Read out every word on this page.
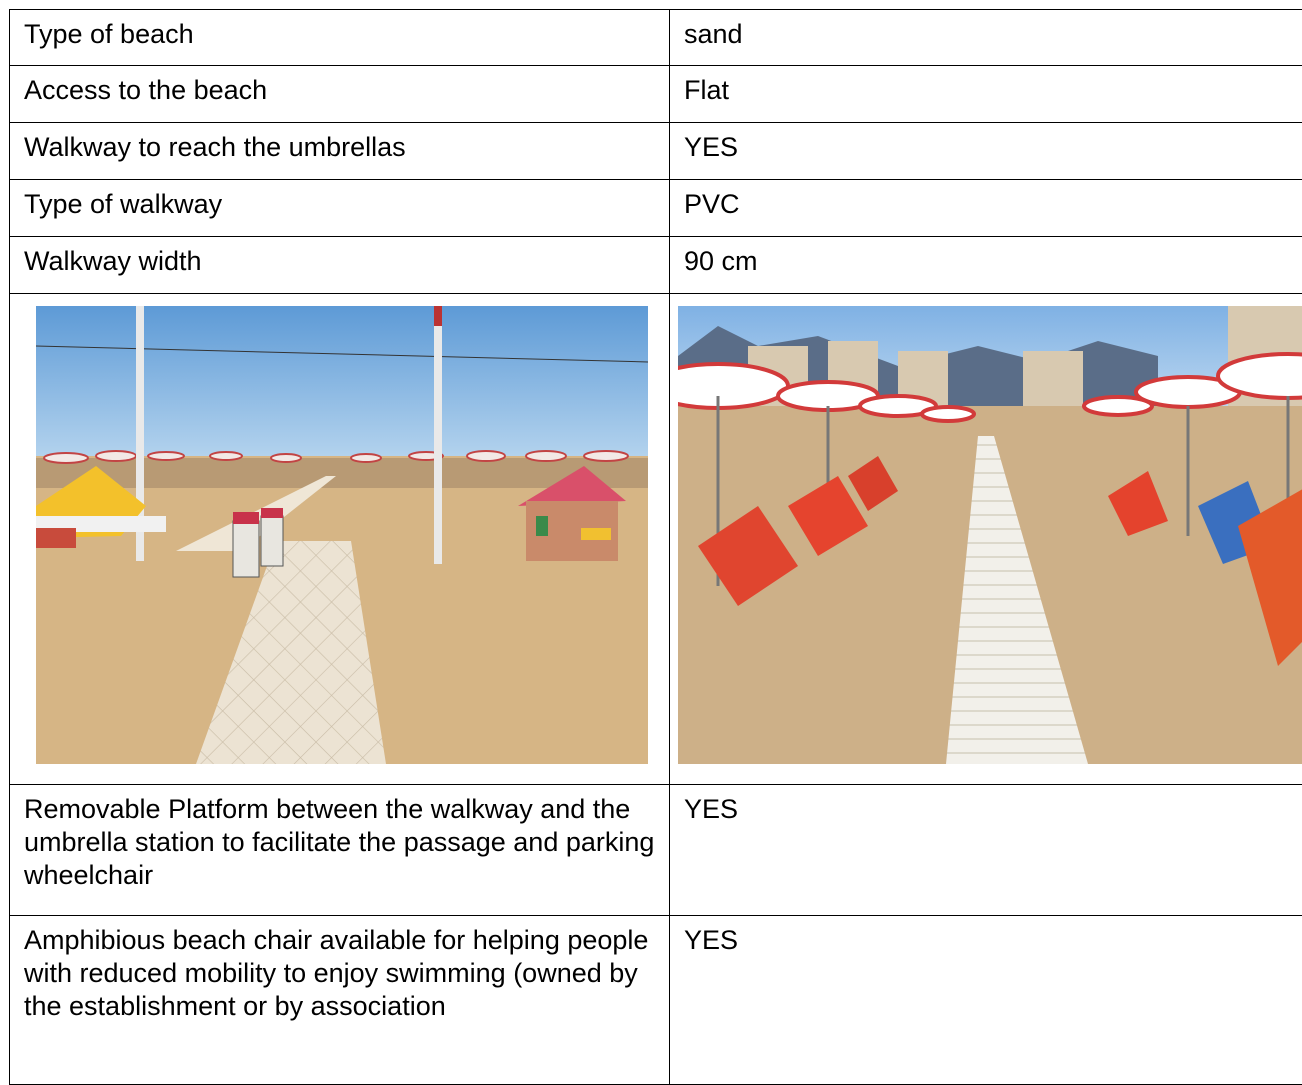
Type of beach	sand
Access to the beach	Flat
Walkway to reach the umbrellas	YES
Type of walkway	PVC
Walkway width	90 cm

Removable Platform between the walkway and the umbrella station to facilitate the passage and parking wheelchair	YES
Amphibious beach chair available for helping people with reduced mobility to enjoy swimming (owned by the establishment or by association	YES
